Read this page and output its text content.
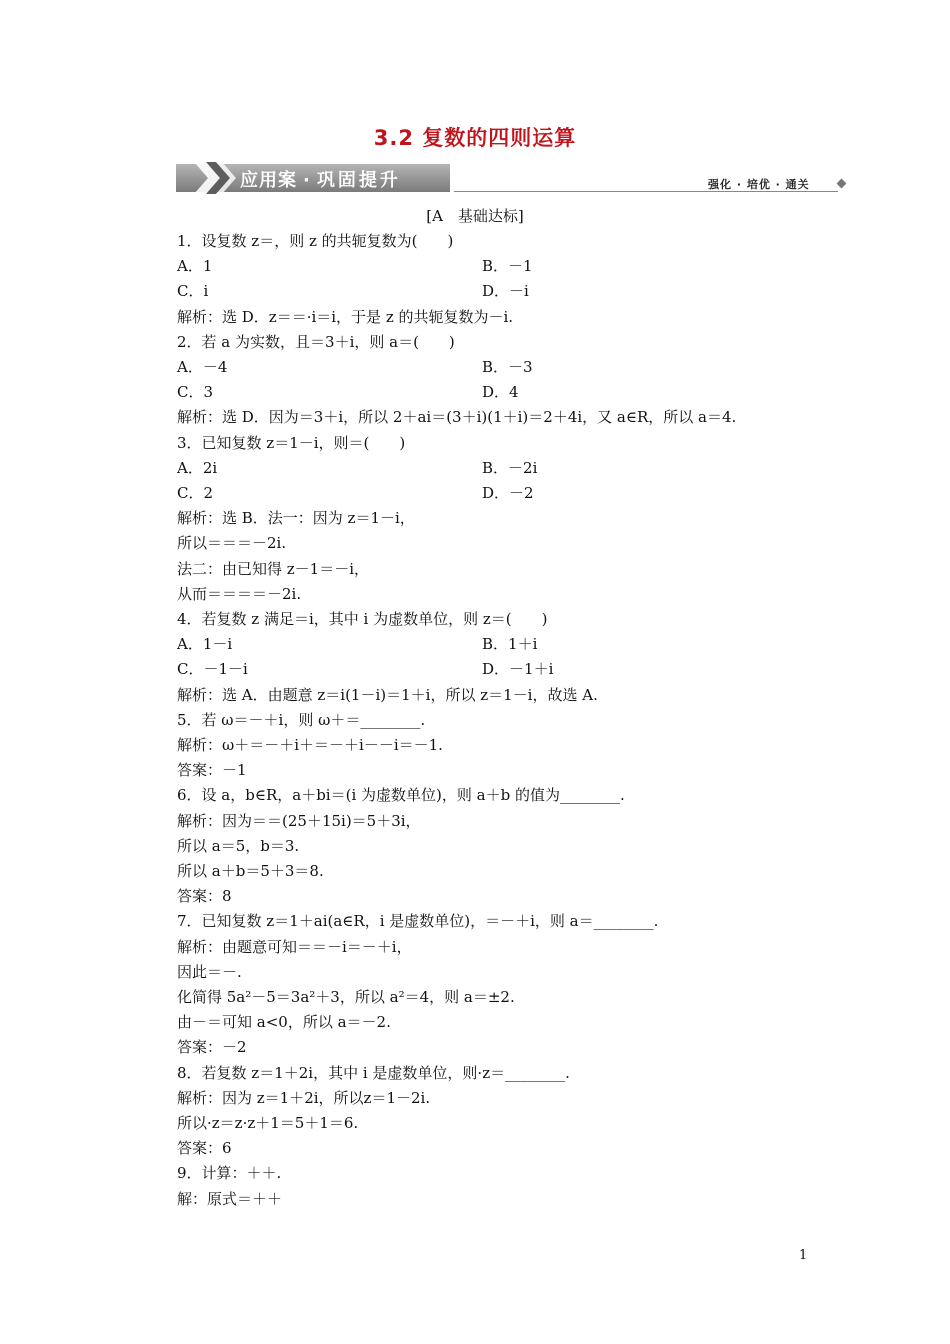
3.2 复数的四则运算
应用案 · 巩固提升	强化 · 培优 · 通关
[A　基础达标]
1．设复数 z＝，则 z 的共轭复数为(　　)
A．1	B．－1
C．i	D．－i
解析：选 D．z＝＝·i＝i，于是 z 的共轭复数为－i.
2．若 a 为实数，且＝3＋i，则 a＝(　　)
A．－4	B．－3
C．3	D．4
解析：选 D．因为＝3＋i，所以 2＋ai＝(3＋i)(1＋i)＝2＋4i，又 a∈R，所以 a＝4.
3．已知复数 z＝1－i，则＝(　　)
A．2i	B．－2i
C．2	D．－2
解析：选 B．法一：因为 z＝1－i，
所以＝＝＝－2i.
法二：由已知得 z－1＝－i，
从而＝＝＝＝－2i.
4．若复数 z 满足＝i，其中 i 为虚数单位，则 z＝(　　)
A．1－i	B．1＋i
C．－1－i	D．－1＋i
解析：选 A．由题意 z＝i(1－i)＝1＋i，所以 z＝1－i，故选 A.
5．若 ω＝－＋i，则 ω＋＝________.
解析：ω＋＝－＋i＋＝－＋i－－i＝－1.
答案：－1
6．设 a，b∈R，a＋bi＝(i 为虚数单位)，则 a＋b 的值为________.
解析：因为＝＝(25＋15i)＝5＋3i，
所以 a＝5，b＝3.
所以 a＋b＝5＋3＝8.
答案：8
7．已知复数 z＝1＋ai(a∈R，i 是虚数单位)，＝－＋i，则 a＝________.
解析：由题意可知＝＝－i＝－＋i，
因此＝－.
化简得 5a²－5＝3a²＋3，所以 a²＝4，则 a＝±2.
由－＝可知 a<0，所以 a＝－2.
答案：－2
8．若复数 z＝1＋2i，其中 i 是虚数单位，则·z＝________.
解析：因为 z＝1＋2i，所以z＝1－2i.
所以·z＝z·z＋1＝5＋1＝6.
答案：6
9．计算：＋＋.
解：原式＝＋＋
1
